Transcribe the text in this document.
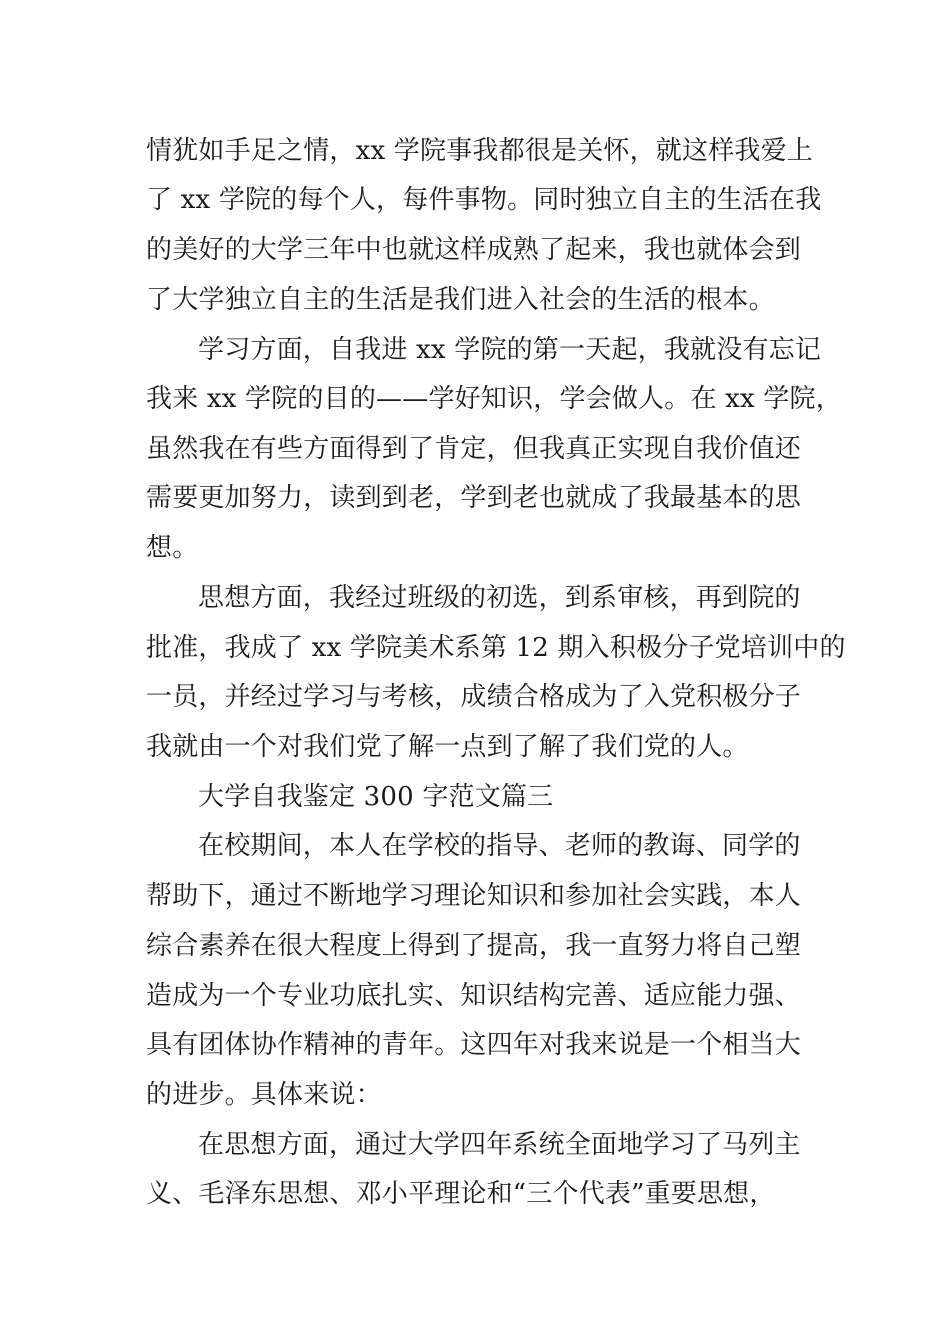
情犹如手足之情，xx 学院事我都很是关怀，就这样我爱上
了 xx 学院的每个人，每件事物。同时独立自主的生活在我
的美好的大学三年中也就这样成熟了起来，我也就体会到
了大学独立自主的生活是我们进入社会的生活的根本。
学习方面，自我进 xx 学院的第一天起，我就没有忘记
我来 xx 学院的目的——学好知识，学会做人。在 xx 学院，
虽然我在有些方面得到了肯定，但我真正实现自我价值还
需要更加努力，读到到老，学到老也就成了我最基本的思
想。
思想方面，我经过班级的初选，到系审核，再到院的
批准，我成了 xx 学院美术系第 12 期入积极分子党培训中的
一员，并经过学习与考核，成绩合格成为了入党积极分子
我就由一个对我们党了解一点到了解了我们党的人。
大学自我鉴定 300 字范文篇三
在校期间，本人在学校的指导、老师的教诲、同学的
帮助下，通过不断地学习理论知识和参加社会实践，本人
综合素养在很大程度上得到了提高，我一直努力将自己塑
造成为一个专业功底扎实、知识结构完善、适应能力强、
具有团体协作精神的青年。这四年对我来说是一个相当大
的进步。具体来说：
在思想方面，通过大学四年系统全面地学习了马列主
义、毛泽东思想、邓小平理论和“三个代表”重要思想，
